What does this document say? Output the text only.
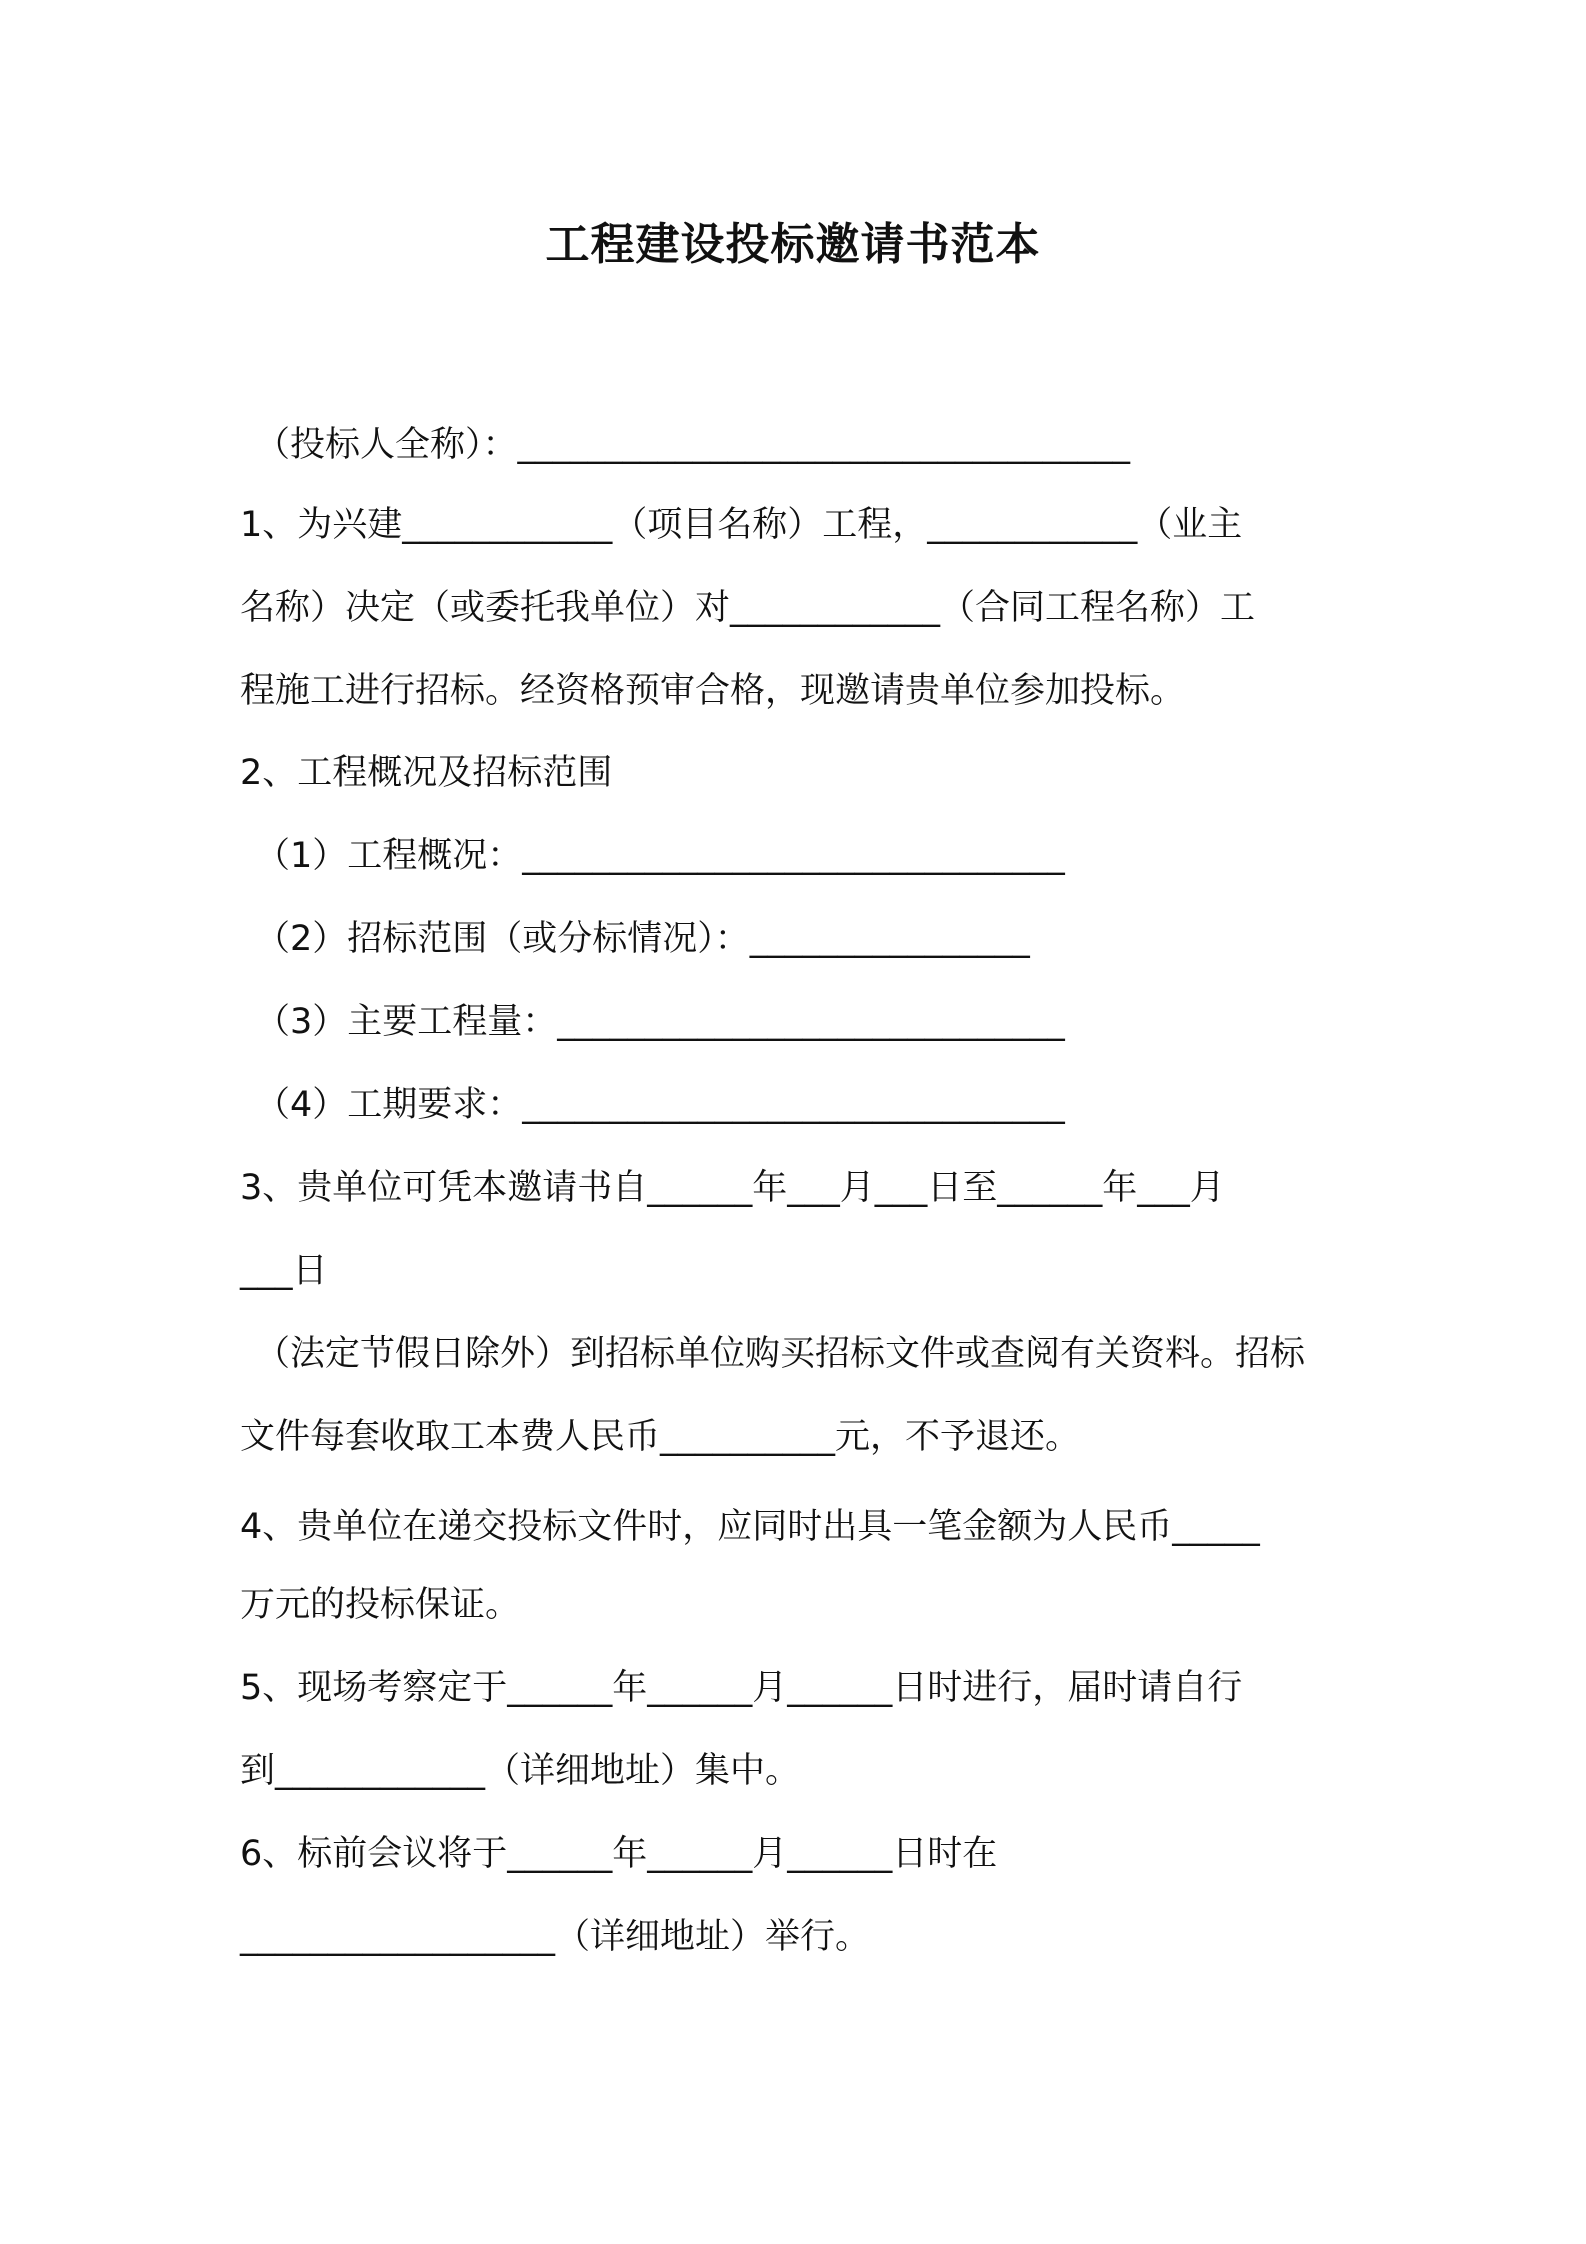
工程建设投标邀请书范本
（投标人全称）：___________________________________
1、为兴建____________（项目名称）工程，____________（业主
名称）决定（或委托我单位）对____________（合同工程名称）工
程施工进行招标。经资格预审合格，现邀请贵单位参加投标。
2、工程概况及招标范围
（1）工程概况：_______________________________
（2）招标范围（或分标情况）：________________
（3）主要工程量：_____________________________
（4）工期要求：_______________________________
3、贵单位可凭本邀请书自______年___月___日至______年___月
___日
（法定节假日除外）到招标单位购买招标文件或查阅有关资料。招标
文件每套收取工本费人民币__________元，不予退还。
4、贵单位在递交投标文件时，应同时出具一笔金额为人民币_____
万元的投标保证。
5、现场考察定于______年______月______日时进行，届时请自行
到____________（详细地址）集中。
6、标前会议将于______年______月______日时在
__________________（详细地址）举行。
